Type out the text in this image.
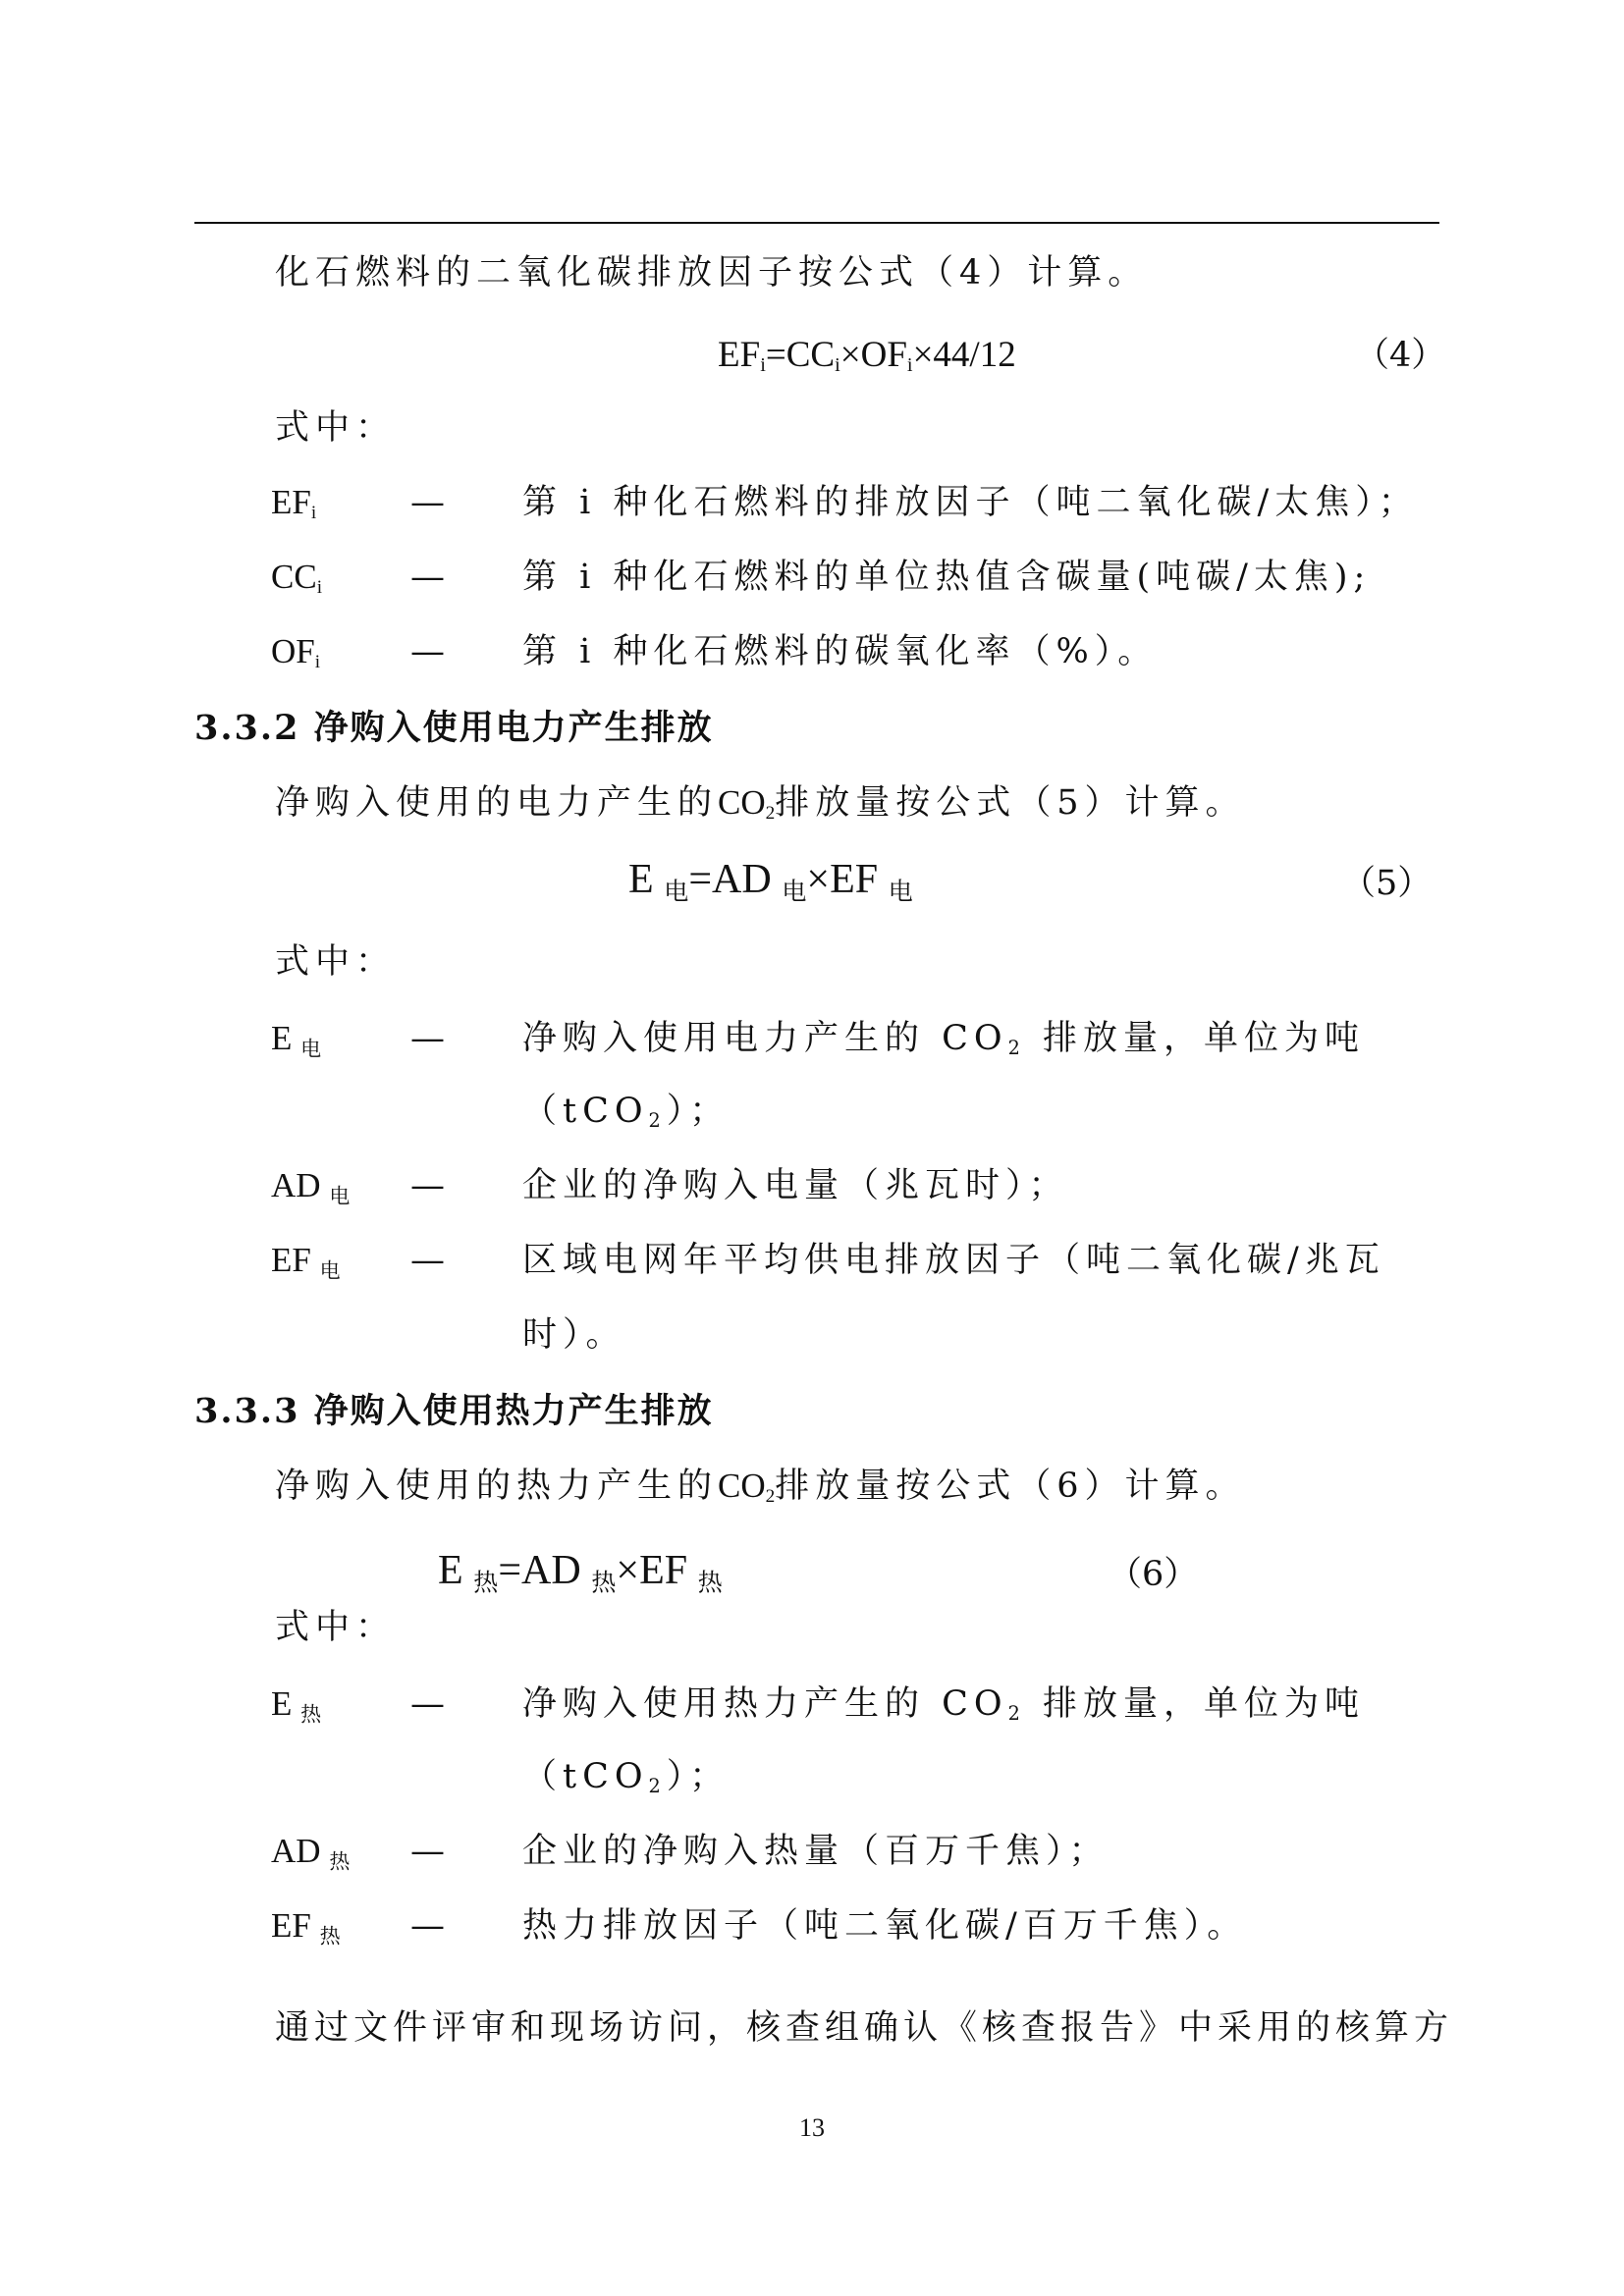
化石燃料的二氧化碳排放因子按公式（4）计算。
$EF_i=CC_i\times OF_i\times 44/12$	（4）
式中：
$EF_i$	— 第 i 种化石燃料的排放因子（吨二氧化碳/太焦）；
$CC_i$	— 第 i 种化石燃料的单位热值含碳量(吨碳/太焦);
$OF_i$	— 第 i 种化石燃料的碳氧化率（%）。
3.3.2 净购入使用电力产生排放
净购入使用的电力产生的$CO_2$排放量按公式（5）计算。
E 电=AD 电×EF 电	（5）
式中：
E 电	— 净购入使用电力产生的 $CO_2$ 排放量，单位为吨
（tCO$_2$）；
AD 电 — 企业的净购入电量（兆瓦时）；
EF 电 — 区域电网年平均供电排放因子（吨二氧化碳/兆瓦
时）。
3.3.3 净购入使用热力产生排放
净购入使用的热力产生的$CO_2$排放量按公式（6）计算。
E 热=AD 热×EF 热	（6）
式中：
E 热	— 净购入使用热力产生的 $CO_2$ 排放量，单位为吨
（tCO$_2$）；
AD 热 — 企业的净购入热量（百万千焦）；
EF 热 — 热力排放因子（吨二氧化碳/百万千焦）。
通过文件评审和现场访问，核查组确认《核查报告》中采用的核算方
13
